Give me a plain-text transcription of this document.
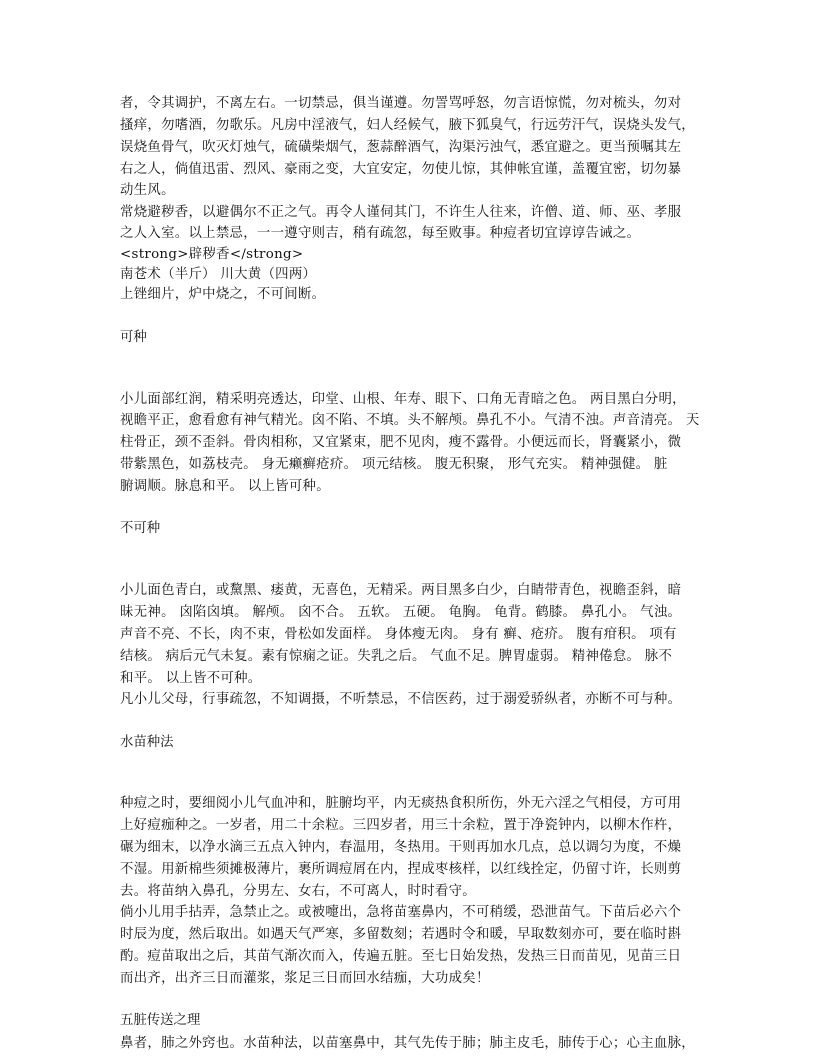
者，令其调护，不离左右。一切禁忌，俱当谨遵。勿詈骂呼怒，勿言语惊慌，勿对梳头，勿对
搔痒，勿嗜酒，勿歌乐。凡房中淫液气，妇人经候气，腋下狐臭气，行远劳汗气，误烧头发气，
误烧鱼骨气，吹灭灯烛气，硫磺柴烟气，葱蒜醉酒气，沟渠污浊气，悉宜避之。更当预嘱其左
右之人，倘值迅雷、烈风、豪雨之变，大宜安定，勿使儿惊，其伸帐宜谨，盖覆宜密，切勿暴
动生风。
常烧避秽香，以避偶尔不正之气。再令人谨伺其门，不许生人往来，许僧、道、师、巫、孝服
之人入室。以上禁忌，一一遵守则吉，稍有疏忽，每至败事。种痘者切宜谆谆告诫之。
<strong>辟秽香</strong>
南苍术（半斤） 川大黄（四两）
上锉细片，炉中烧之，不可间断。
可种
小儿面部红润，精采明亮透达，印堂、山根、年寿、眼下、口角无青暗之色。 两目黑白分明，
视瞻平正，愈看愈有神气精光。囟不陷、不填。头不解颅。鼻孔不小。气清不浊。声音清亮。 天
柱骨正，颈不歪斜。骨肉相称，又宜紧束，肥不见肉，瘦不露骨。小便远而长，肾囊紧小，微
带紫黑色，如荔枝壳。 身无癞癣疮疥。 项元结核。 腹无积聚， 形气充实。 精神强健。 脏
腑调顺。脉息和平。 以上皆可种。
不可种
小儿面色青白，或黧黑、痿黄，无喜色，无精采。两目黑多白少，白睛带青色，视瞻歪斜，暗
昧无神。 囟陷囟填。 解颅。 囟不合。 五软。 五硬。 龟胸。 龟背。鹤膝。 鼻孔小。 气浊。
声音不亮、不长，肉不束，骨松如发面样。 身体瘦无肉。 身有 癣、疮疥。 腹有疳积。 项有
结核。 病后元气未复。素有惊痫之证。失乳之后。 气血不足。脾胃虚弱。 精神倦怠。 脉不
和平。 以上皆不可种。
凡小儿父母，行事疏忽，不知调摄，不听禁忌，不信医药，过于溺爱骄纵者，亦断不可与种。
水苗种法
种痘之时，要细阅小儿气血冲和，脏腑均平，内无痰热食积所伤，外无六淫之气相侵，方可用
上好痘痂种之。一岁者，用二十余粒。三四岁者，用三十余粒，置于净瓷钟内，以柳木作杵，
碾为细末，以净水滴三五点入钟内，春温用，冬热用。干则再加水几点，总以调匀为度，不燥
不湿。用新棉些须摊极薄片，裹所调痘屑在内，捏成枣核样，以红线拴定，仍留寸许，长则剪
去。将苗纳入鼻孔，分男左、女右，不可离人，时时看守。
倘小儿用手拈弄，急禁止之。或被嚏出，急将苗塞鼻内，不可稍缓，恐泄苗气。下苗后必六个
时辰为度，然后取出。如遇天气严寒，多留数刻；若遇时令和暖，早取数刻亦可，要在临时斟
酌。痘苗取出之后，其苗气渐次而入，传遍五脏。至七日始发热，发热三日而苗见，见苗三日
而出齐，出齐三日而灌浆，浆足三日而回水结痂，大功成矣！
五脏传送之理
鼻者，肺之外窍也。水苗种法，以苗塞鼻中，其气先传于肺；肺主皮毛，肺传于心；心主血脉，
